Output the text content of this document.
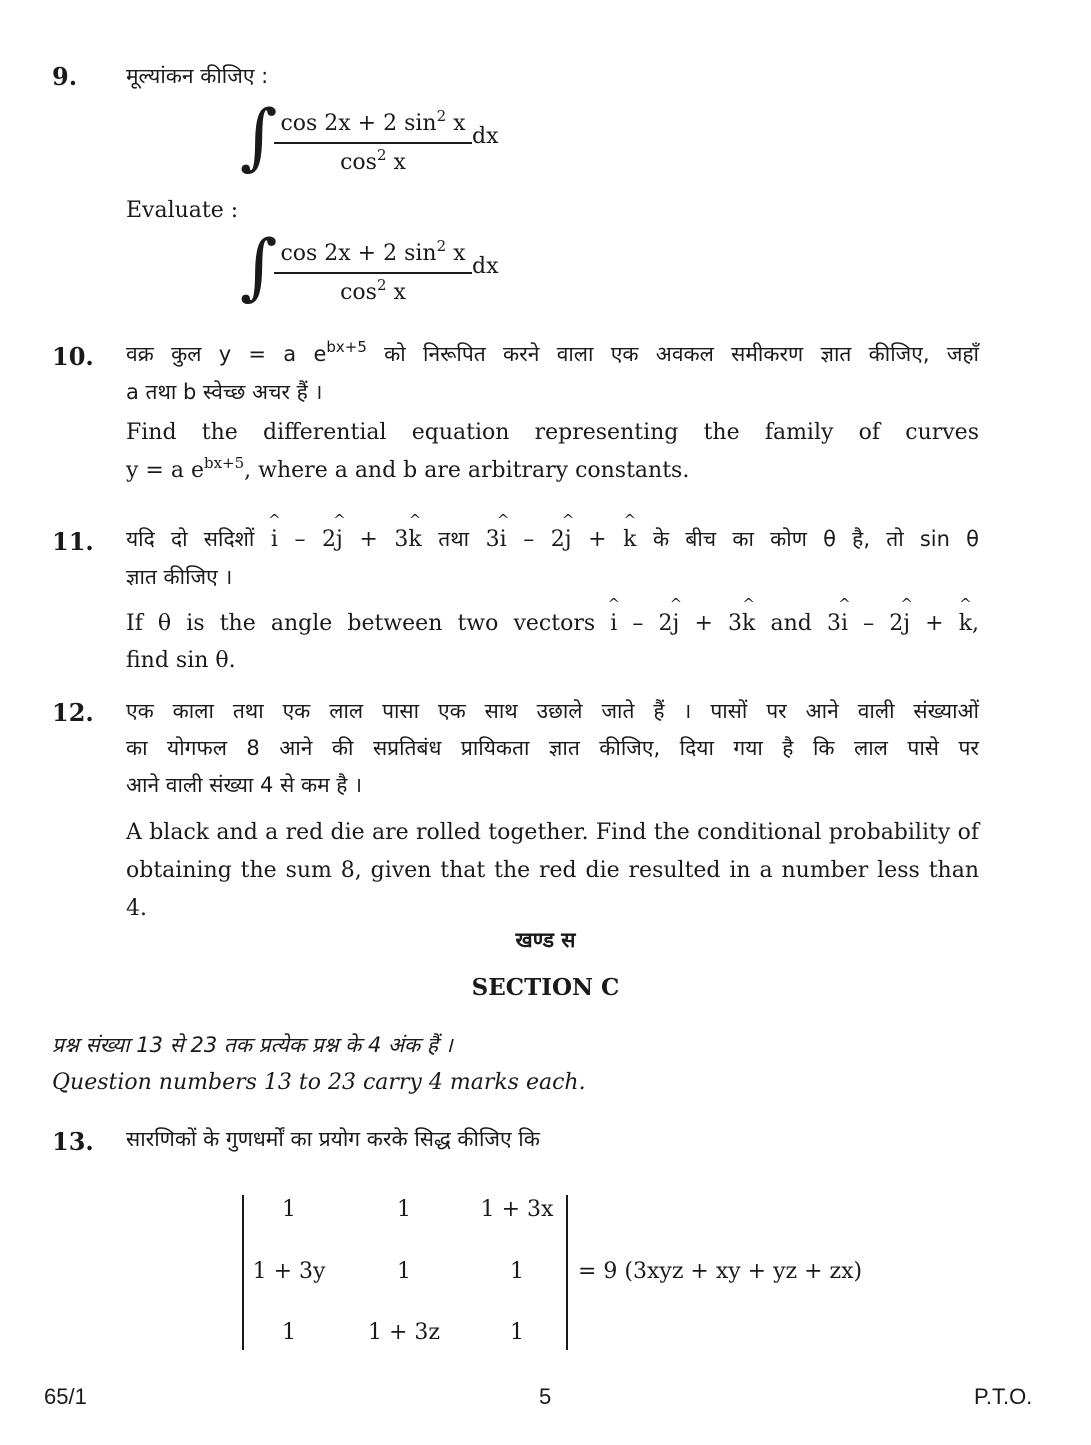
9. मूल्यांकन कीजिए :
∫ cos 2x + 2 $\sin^2 x$
$\cos^2 x$
dx
Evaluate :
∫ cos 2x + 2 $\sin^2 x$
$\cos^2 x$
dx
10. वक्र कुल y = a $e^{bx+5}$ को निरूपित करने वाला एक अवकल समीकरण ज्ञात कीजिए, जहाँ
a तथा b स्वेच्छ अचर हैं ।
Find the differential equation representing the family of curves
y = a $e^{bx+5}$, where a and b are arbitrary constants.
11. यदि दो सदिशों ^ i – 2^ j + 3^ k तथा 3^ i – 2^ j + ^ k के बीच का कोण θ है, तो sin θ
ज्ञात कीजिए ।
If θ is the angle between two vectors ^ i – 2^ j + 3^ k and 3^ i – 2^ j + ^ k,
find sin θ.
12. एक काला तथा एक लाल पासा एक साथ उछाले जाते हैं । पासों पर आने वाली संख्याओं
का योगफल 8 आने की सप्रतिबंध प्रायिकता ज्ञात कीजिए, दिया गया है कि लाल पासे पर
आने वाली संख्या 4 से कम है ।
A black and a red die are rolled together. Find the conditional probability of obtaining the sum 8, given that the red die resulted in a number less than 4.
खण्ड स
SECTION C
प्रश्न संख्या 13 से 23 तक प्रत्येक प्रश्न के 4 अंक हैं ।
Question numbers 13 to 23 carry 4 marks each.
13. सारणिकों के गुणधर्मों का प्रयोग करके सिद्ध कीजिए कि
1	1	1 + 3x
1 + 3y	1	1
1	1 + 3z	1
= 9 (3xyz + xy + yz + zx)
65/1	5	P.T.O.
